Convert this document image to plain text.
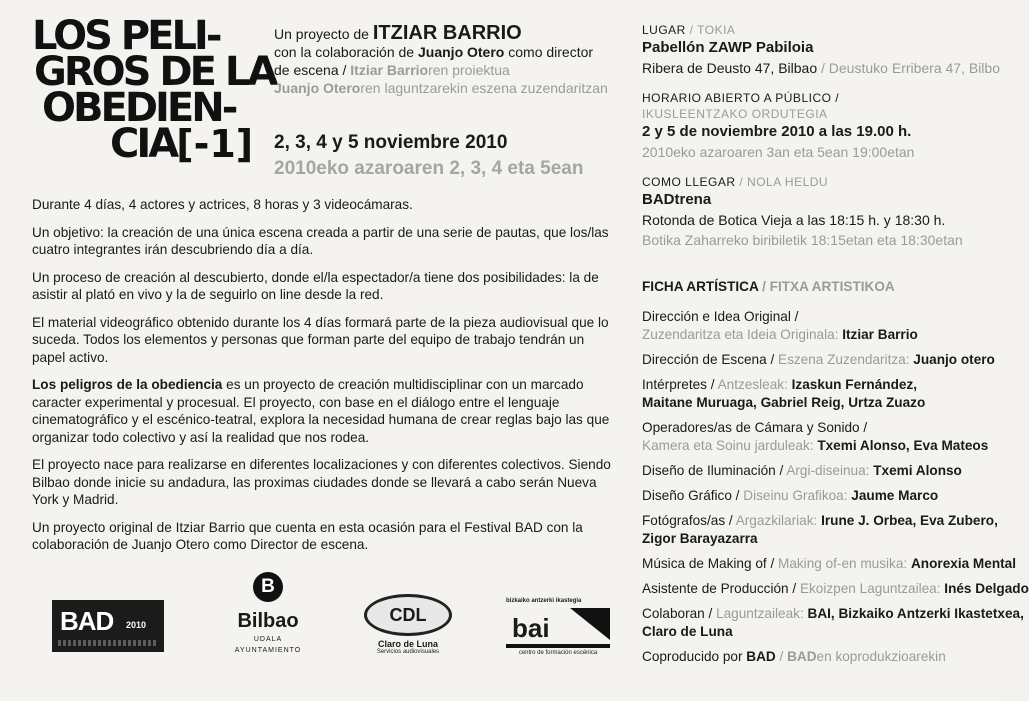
LOS PELI-
GROS DE LA
OBEDIEN-
CIA[-1]
Un proyecto de ITZIAR BARRIO
con la colaboración de Juanjo Otero como director
de escena / Itziar Barrioren proiektua
Juanjo Oteroren laguntzarekin eszena zuzendaritzan
2, 3, 4 y 5 noviembre 2010
2010eko azaroaren 2, 3, 4 eta 5ean

Durante 4 días, 4 actores y actrices, 8 horas y 3 videocámaras.

Un objetivo: la creación de una única escena creada a partir de una serie de pautas, que los/las cuatro integrantes irán descubriendo día a día.

Un proceso de creación al descubierto, donde el/la espectador/a tiene dos posibilidades: la de asistir al plató en vivo y la de seguirlo on line desde la red.

El material videográfico obtenido durante los 4 días formará parte de la pieza audiovisual que lo suceda. Todos los elementos y personas que forman parte del equipo de trabajo tendrán un papel activo.

Los peligros de la obediencia es un proyecto de creación multidisciplinar con un marcado caracter experimental y procesual. El proyecto, con base en el diálogo entre el lenguaje cinematográfico y el escénico-teatral, explora la necesidad humana de crear reglas bajo las que organizar todo colectivo y así la realidad que nos rodea.

El proyecto nace para realizarse en diferentes localizaciones y con diferentes colectivos. Siendo Bilbao donde inicie su andadura, las proximas ciudades donde se llevará a cabo serán Nueva York y Madrid.

Un proyecto original de Itziar Barrio que cuenta en esta ocasión para el Festival BAD con la colaboración de Juanjo Otero como Director de escena.

BAD 2010
B
Bilbao
UDALA
AYUNTAMIENTO
CDL
Claro de Luna
Servicios audiovisuales
bizkaiko antzerki ikastegia
bai
centro de formación escénica
LUGAR / TOKIA
Pabellón ZAWP Pabiloia
Ribera de Deusto 47, Bilbao / Deustuko Erribera 47, Bilbo
HORARIO ABIERTO A PÚBLICO /
IKUSLEENTZAKO ORDUTEGIA
2 y 5 de noviembre 2010 a las 19.00 h.
2010eko azaroaren 3an eta 5ean 19:00etan
COMO LLEGAR / NOLA HELDU
BADtrena
Rotonda de Botica Vieja a las 18:15 h. y 18:30 h.
Botika Zaharreko biribiletik 18:15etan eta 18:30etan
FICHA ARTÍSTICA / FITXA ARTISTIKOA
Dirección e Idea Original /
Zuzendaritza eta Ideia Originala: Itziar Barrio
Dirección de Escena / Eszena Zuzendaritza: Juanjo otero
Intérpretes / Antzesleak: Izaskun Fernández,
Maitane Muruaga, Gabriel Reig, Urtza Zuazo
Operadores/as de Cámara y Sonido /
Kamera eta Soinu jarduleak: Txemi Alonso, Eva Mateos
Diseño de Iluminación / Argi-diseinua: Txemi Alonso
Diseño Gráfico / Diseinu Grafikoa: Jaume Marco
Fotógrafos/as / Argazkilariak: Irune J. Orbea, Eva Zubero,
Zigor Barayazarra
Música de Making of / Making of-en musika: Anorexia Mental
Asistente de Producción / Ekoizpen Laguntzailea: Inés Delgado
Colaboran / Laguntzaileak: BAI, Bizkaiko Antzerki Ikastetxea,
Claro de Luna
Coproducido por BAD / BADen koprodukzioarekin
